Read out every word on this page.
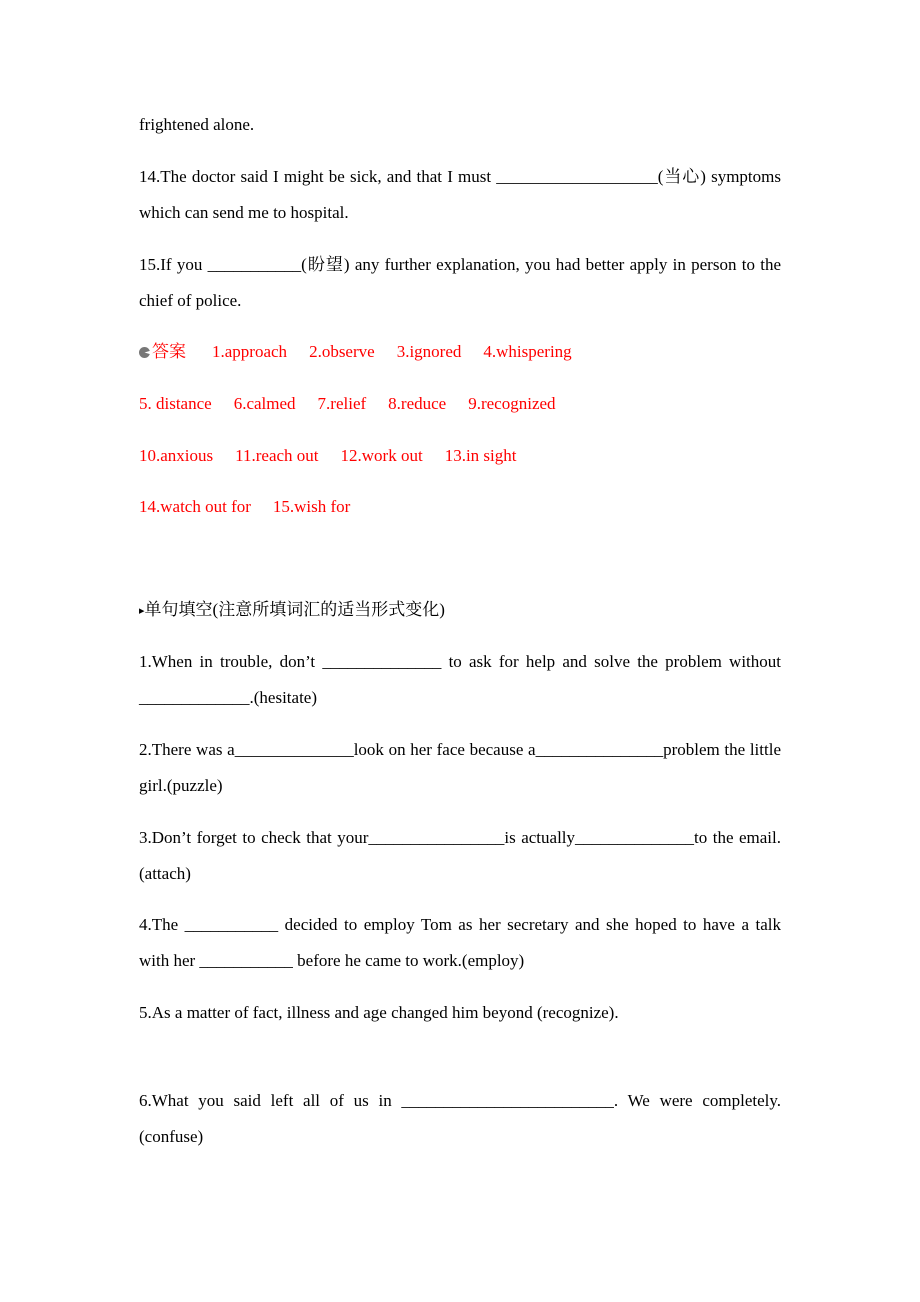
frightened alone.

14.The doctor said I might be sick, and that I must ___________________(当心) symptoms which can send me to hospital.

15.If you ___________(盼望) any further explanation, you had better apply in person to the chief of police.

答案 1.approach 2.observe 3.ignored 4.whispering
5. distance 6.calmed 7.relief 8.reduce 9.recognized
10.anxious 11.reach out 12.work out 13.in sight
14.watch out for 15.wish for
▸单句填空(注意所填词汇的适当形式变化)

1.When in trouble, don’t ______________ to ask for help and solve the problem without _____________.(hesitate)

2.There was a______________look on her face because a_______________problem the little girl.(puzzle)

3.Don’t forget to check that your________________is actually______________to the email.(attach)

4.The ___________ decided to employ Tom as her secretary and she hoped to have a talk with her ___________ before he came to work.(employ)

5.As a matter of fact, illness and age changed him beyond (recognize).

6.What you said left all of us in _________________________. We were completely.(confuse)
